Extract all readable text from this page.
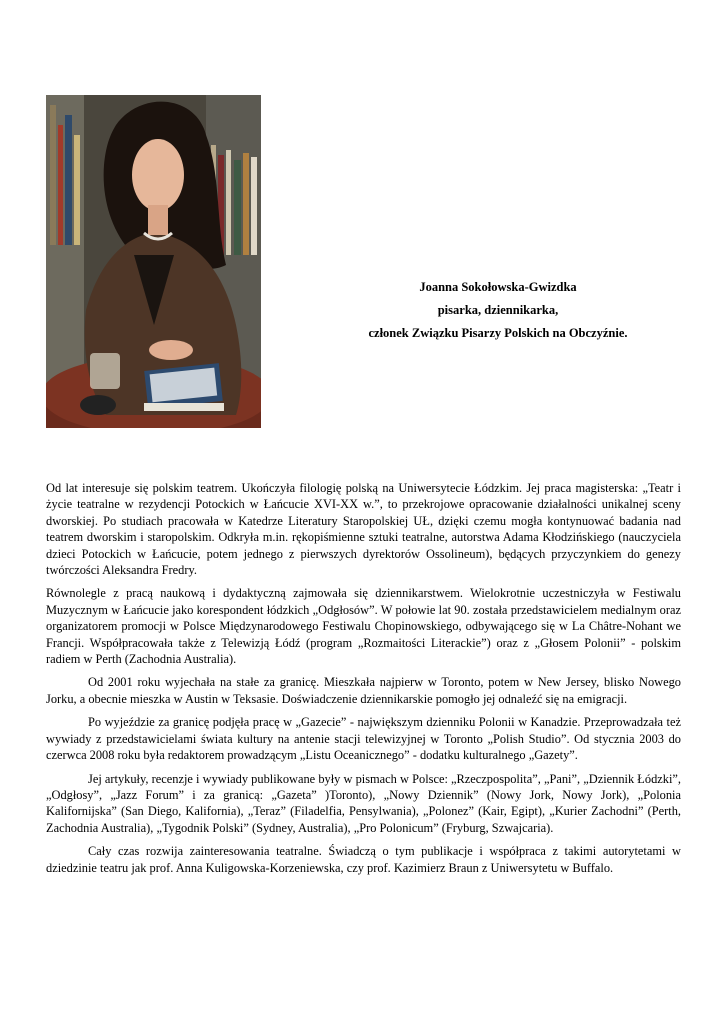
Joanna Sokołowska-Gwizdka
pisarka, dziennikarka,
członek Związku Pisarzy Polskich na Obczyźnie.

Od lat interesuje się polskim teatrem. Ukończyła filologię polską na Uniwersytecie Łódzkim. Jej praca magisterska: „Teatr i życie teatralne w rezydencji Potockich w Łańcucie XVI-XX w.”, to przekrojowe opracowanie działalności unikalnej sceny dworskiej. Po studiach pracowała w Katedrze Literatury Staropolskiej UŁ, dzięki czemu mogła kontynuować badania nad teatrem dworskim i staropolskim. Odkryła m.in. rękopiśmienne sztuki teatralne, autorstwa Adama Kłodzińskiego (nauczyciela dzieci Potockich w Łańcucie, potem jednego z pierwszych dyrektorów Ossolineum), będących przyczynkiem do genezy twórczości Aleksandra Fredry.

Równolegle z pracą naukową i dydaktyczną zajmowała się dziennikarstwem. Wielokrotnie uczestniczyła w Festiwalu Muzycznym w Łańcucie jako korespondent łódzkich „Odgłosów”. W połowie lat 90. została przedstawicielem medialnym oraz organizatorem promocji w Polsce Międzynarodowego Festiwalu Chopinowskiego, odbywającego się w La Châtre-Nohant we Francji. Współpracowała także z Telewizją Łódź (program „Rozmaitości Literackie”) oraz z „Głosem Polonii” - polskim radiem w Perth (Zachodnia Australia).

Od 2001 roku wyjechała na stałe za granicę. Mieszkała najpierw w Toronto, potem w New Jersey, blisko Nowego Jorku, a obecnie mieszka w Austin w Teksasie. Doświadczenie dziennikarskie pomogło jej odnaleźć się na emigracji.

Po wyjeździe za granicę podjęła pracę w „Gazecie” - największym dzienniku Polonii w Kanadzie. Przeprowadzała też wywiady z przedstawicielami świata kultury na antenie stacji telewizyjnej w Toronto „Polish Studio”. Od stycznia 2003 do czerwca 2008 roku była redaktorem prowadzącym „Listu Oceanicznego” - dodatku kulturalnego „Gazety”.

Jej artykuły, recenzje i wywiady publikowane były w pismach w Polsce: „Rzeczpospolita”, „Pani”, „Dziennik Łódzki”, „Odgłosy”, „Jazz Forum” i za granicą: „Gazeta” )Toronto), „Nowy Dziennik” (Nowy Jork, Nowy Jork), „Polonia Kalifornijska” (San Diego, Kalifornia), „Teraz” (Filadelfia, Pensylwania), „Polonez” (Kair, Egipt), „Kurier Zachodni” (Perth, Zachodnia Australia), „Tygodnik Polski” (Sydney, Australia), „Pro Polonicum” (Fryburg, Szwajcaria).

Cały czas rozwija zainteresowania teatralne. Świadczą o tym publikacje i współpraca z takimi autorytetami w dziedzinie teatru jak prof. Anna Kuligowska-Korzeniewska, czy prof. Kazimierz Braun z Uniwersytetu w Buffalo.
